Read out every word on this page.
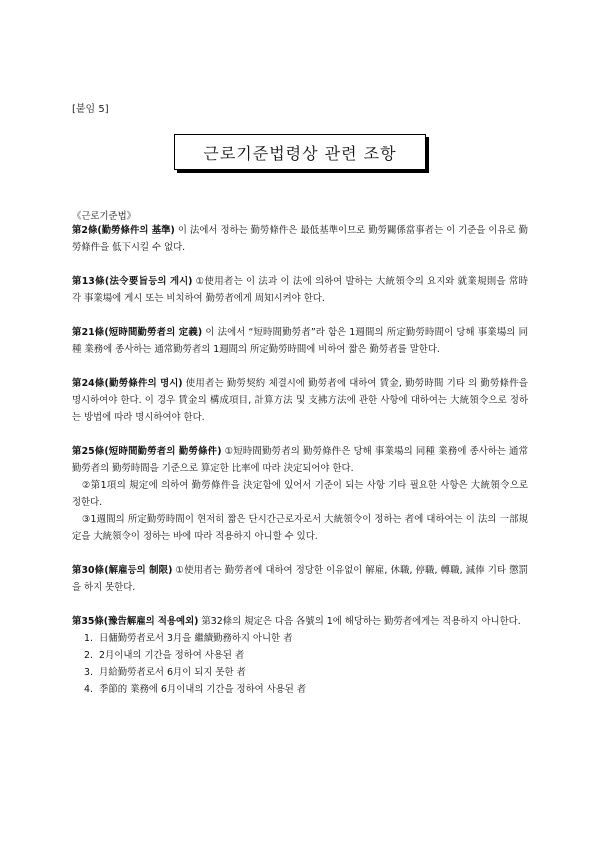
[붙임 5]
근로기준법령상 관련 조항
《근로기준법》

第2條(勤勞條件의 基準) 이 法에서 정하는 勤勞條件은 最低基準이므로 勤勞關係當事者는 이 기준을 이유로 勤勞條件을 低下시킬 수 없다.

第13條(法令要旨등의 게시) ①使用者는 이 法과 이 法에 의하여 발하는 大統領令의 요지와 就業規則을 常時 각 事業場에 게시 또는 비치하여 勤勞者에게 周知시켜야 한다.

第21條(短時間勤勞者의 定義) 이 法에서 “短時間勤勞者”라 함은 1週間의 所定勤勞時間이 당해 事業場의 同種 業務에 종사하는 通常勤勞者의 1週間의 所定勤勞時間에 비하여 짧은 勤勞者를 말한다.

第24條(勤勞條件의 명시) 使用者는 勤勞契約 체결시에 勤勞者에 대하여 賃金, 勤勞時間 기타 의 勤勞條件을 명시하여야 한다. 이 경우 賃金의 構成項目, 計算方法 및 支拂方法에 관한 사항에 대하여는 大統領令으로 정하는 방법에 따라 명시하여야 한다.

第25條(短時間勤勞者의 勤勞條件) ①短時間勤勞者의 勤勞條件은 당해 事業場의 同種 業務에 종사하는 通常勤勞者의 勤勞時間을 기준으로 算定한 比率에 따라 決定되어야 한다.

②第1項의 規定에 의하여 勤勞條件을 決定함에 있어서 기준이 되는 사항 기타 필요한 사항은 大統領令으로 정한다.

③1週間의 所定勤勞時間이 현저히 짧은 단시간근로자로서 大統領令이 정하는 者에 대하여는 이 法의 一部規定을 大統領令이 정하는 바에 따라 적용하지 아니할 수 있다.

第30條(解雇등의 制限) ①使用者는 勤勞者에 대하여 정당한 이유없이 解雇, 休職, 停職, 轉職, 減俸 기타 懲罰을 하지 못한다.

第35條(豫告解雇의 적용예외) 第32條의 規定은 다음 各號의 1에 해당하는 勤勞者에게는 적용하지 아니한다.

1. 日傭勤勞者로서 3月을 繼續勤務하지 아니한 者
2. 2月이내의 기간을 정하여 사용된 者
3. 月給勤勞者로서 6月이 되지 못한 者
4. 季節的 業務에 6月이내의 기간을 정하여 사용된 者
